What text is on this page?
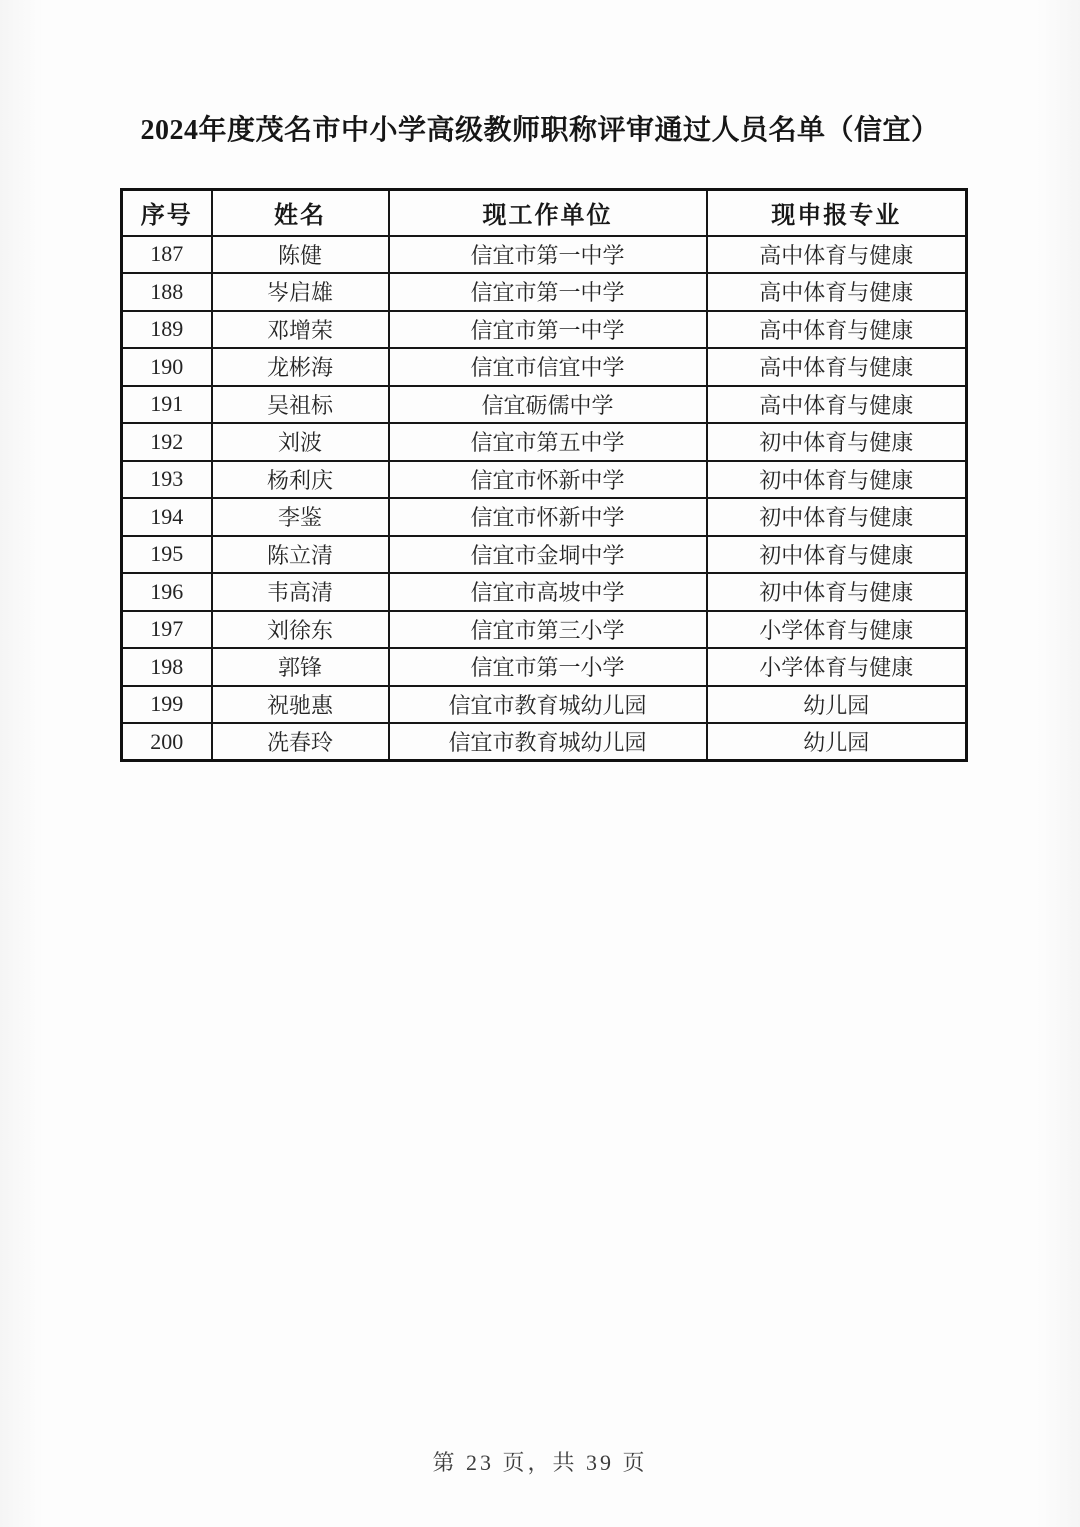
2024年度茂名市中小学高级教师职称评审通过人员名单（信宜）
序号	姓名	现工作单位	现申报专业
187	陈健	信宜市第一中学	高中体育与健康
188	岑启雄	信宜市第一中学	高中体育与健康
189	邓增荣	信宜市第一中学	高中体育与健康
190	龙彬海	信宜市信宜中学	高中体育与健康
191	吴祖标	信宜砺儒中学	高中体育与健康
192	刘波	信宜市第五中学	初中体育与健康
193	杨利庆	信宜市怀新中学	初中体育与健康
194	李鉴	信宜市怀新中学	初中体育与健康
195	陈立清	信宜市金垌中学	初中体育与健康
196	韦高清	信宜市高坡中学	初中体育与健康
197	刘徐东	信宜市第三小学	小学体育与健康
198	郭锋	信宜市第一小学	小学体育与健康
199	祝驰惠	信宜市教育城幼儿园	幼儿园
200	冼春玲	信宜市教育城幼儿园	幼儿园
第 23 页，共 39 页
